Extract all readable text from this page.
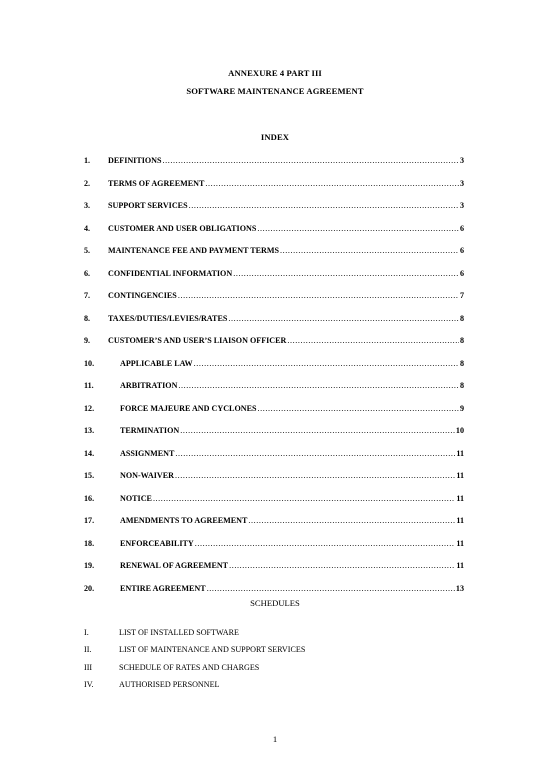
ANNEXURE 4 PART III
SOFTWARE MAINTENANCE AGREEMENT
INDEX
1. DEFINITIONS .....	3
2. TERMS OF AGREEMENT .....	3
3. SUPPORT SERVICES .....	3
4. CUSTOMER AND USER OBLIGATIONS .....	6
5. MAINTENANCE FEE AND PAYMENT TERMS .....	6
6. CONFIDENTIAL INFORMATION .....	6
7. CONTINGENCIES .....	7
8. TAXES/DUTIES/LEVIES/RATES .....	8
9. CUSTOMER’S AND USER’S LIAISON OFFICER .....	8
10.	APPLICABLE LAW .....	8
11.	ARBITRATION .....	8
12.	FORCE MAJEURE AND CYCLONES .....	9
13.	TERMINATION .....	10
14.	ASSIGNMENT .....	11
15.	NON-WAIVER .....	11
16.	NOTICE .....	11
17.	AMENDMENTS TO AGREEMENT .....	11
18.	ENFORCEABILITY .....	11
19.	RENEWAL OF AGREEMENT .....	11
20.	ENTIRE AGREEMENT .....	13
SCHEDULES
I.	LIST OF INSTALLED SOFTWARE
II.	LIST OF MAINTENANCE AND SUPPORT SERVICES
III	SCHEDULE OF RATES AND CHARGES
IV.	AUTHORISED PERSONNEL
1
